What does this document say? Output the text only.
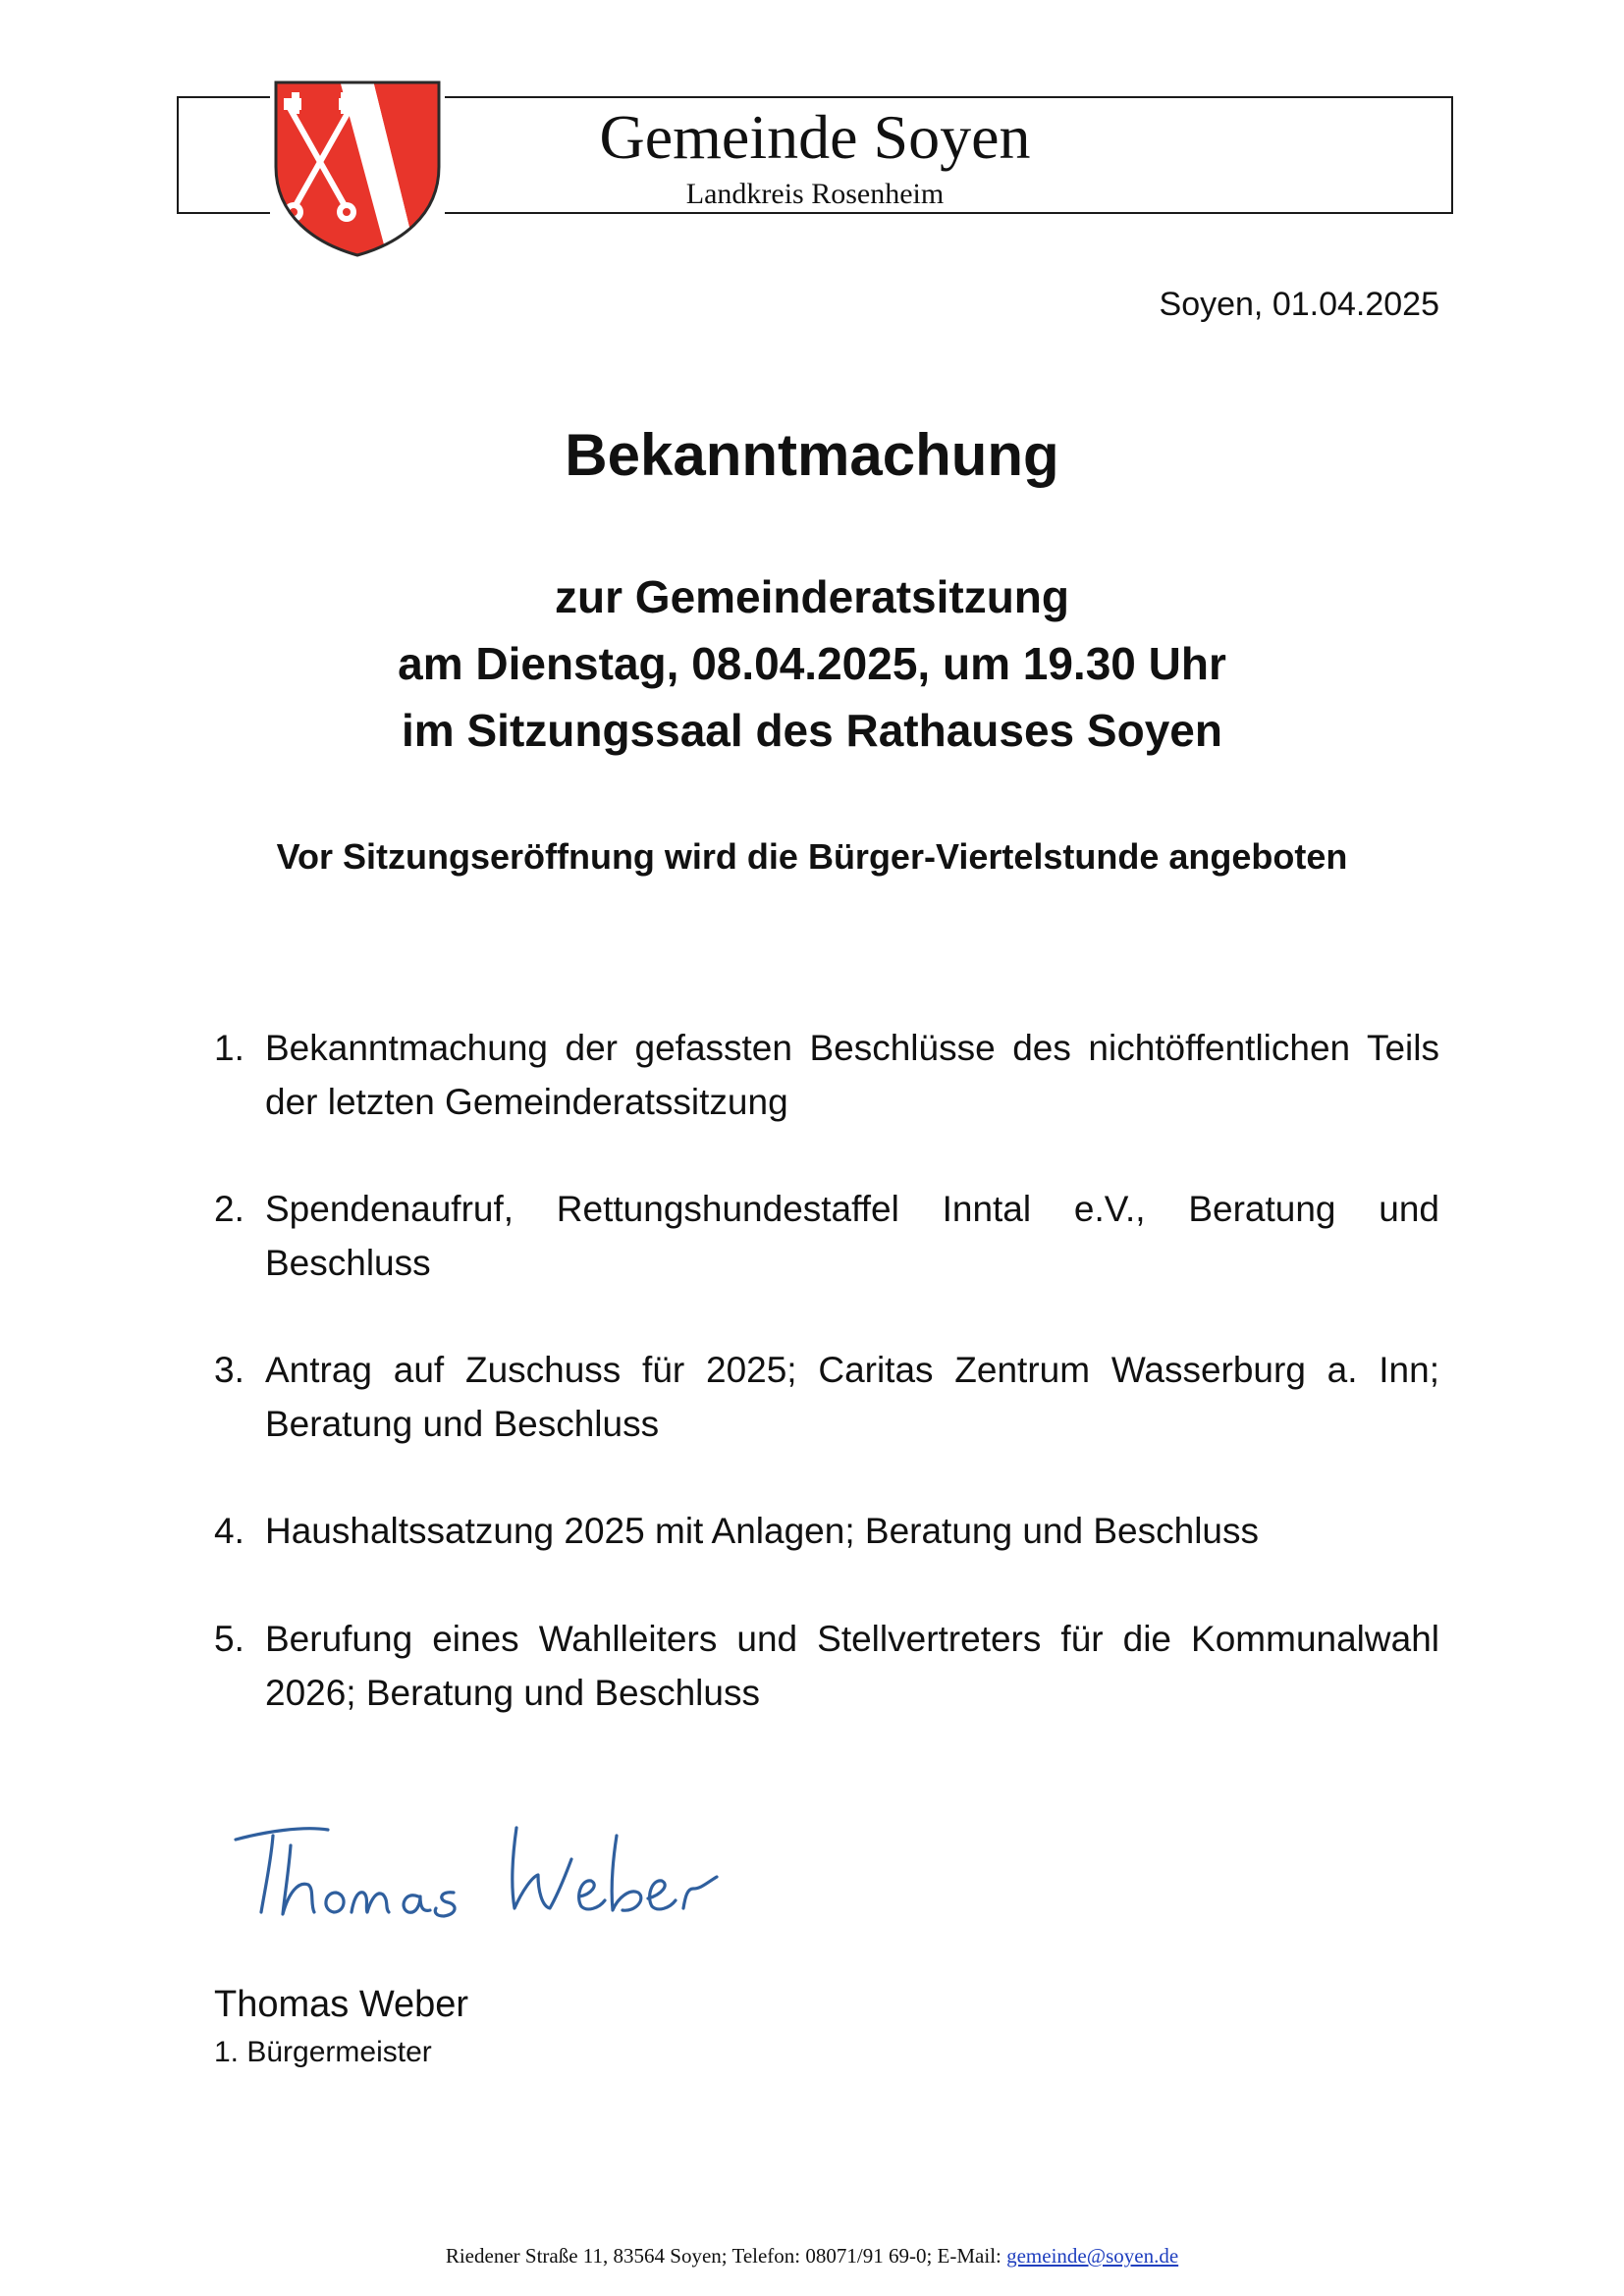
Gemeinde Soyen
Landkreis Rosenheim
Soyen, 01.04.2025
Bekanntmachung
zur Gemeinderatsitzung
am Dienstag, 08.04.2025, um 19.30 Uhr
im Sitzungssaal des Rathauses Soyen
Vor Sitzungseröffnung wird die Bürger-Viertelstunde angeboten
1. Bekanntmachung der gefassten Beschlüsse des nichtöffentlichen Teils der letzten Gemeinderatssitzung
2. Spendenaufruf, Rettungshundestaffel Inntal e.V., Beratung und Beschluss
3. Antrag auf Zuschuss für 2025; Caritas Zentrum Wasserburg a. Inn; Beratung und Beschluss
4. Haushaltssatzung 2025 mit Anlagen; Beratung und Beschluss
5. Berufung eines Wahlleiters und Stellvertreters für die Kommunalwahl 2026; Beratung und Beschluss
Thomas Weber
1. Bürgermeister
Riedener Straße 11, 83564 Soyen; Telefon: 08071/91 69-0; E-Mail: gemeinde@soyen.de
